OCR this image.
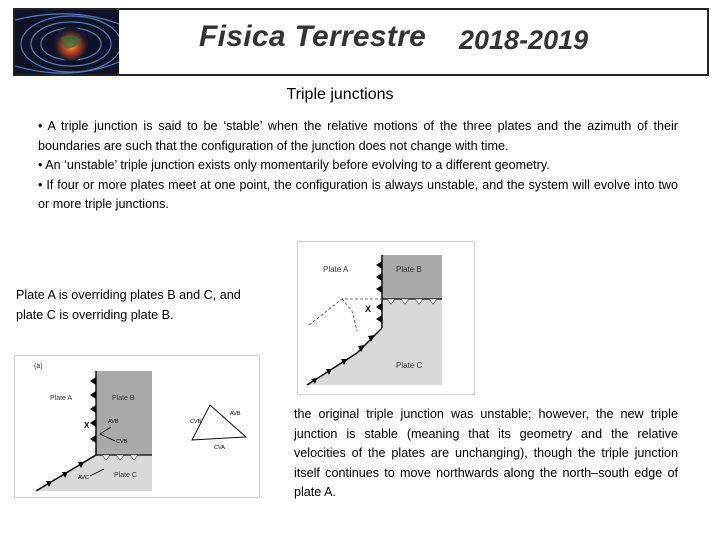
Fisica Terrestre 2018-2019
Triple junctions

• A triple junction is said to be ‘stable’ when the relative motions of the three plates and the azimuth of their boundaries are such that the configuration of the junction does not change with time.

• An ‘unstable’ triple junction exists only momentarily before evolving to a different geometry.

• If four or more plates meet at one point, the configuration is always unstable, and the system will evolve into two or more triple junctions.

Plate A is overriding plates B and C, and plate C is overriding plate B.
Plate A	Plate B
Plate C
X
the original triple junction was unstable; however, the new triple junction is stable (meaning that its geometry and the relative velocities of the plates are unchanging), though the triple junction itself continues to move northwards along the north–south edge of plate A.
(a)
Plate A	Plate B
Plate C
X	AVB
CVB
AVC
CVB
AVB
CVA
